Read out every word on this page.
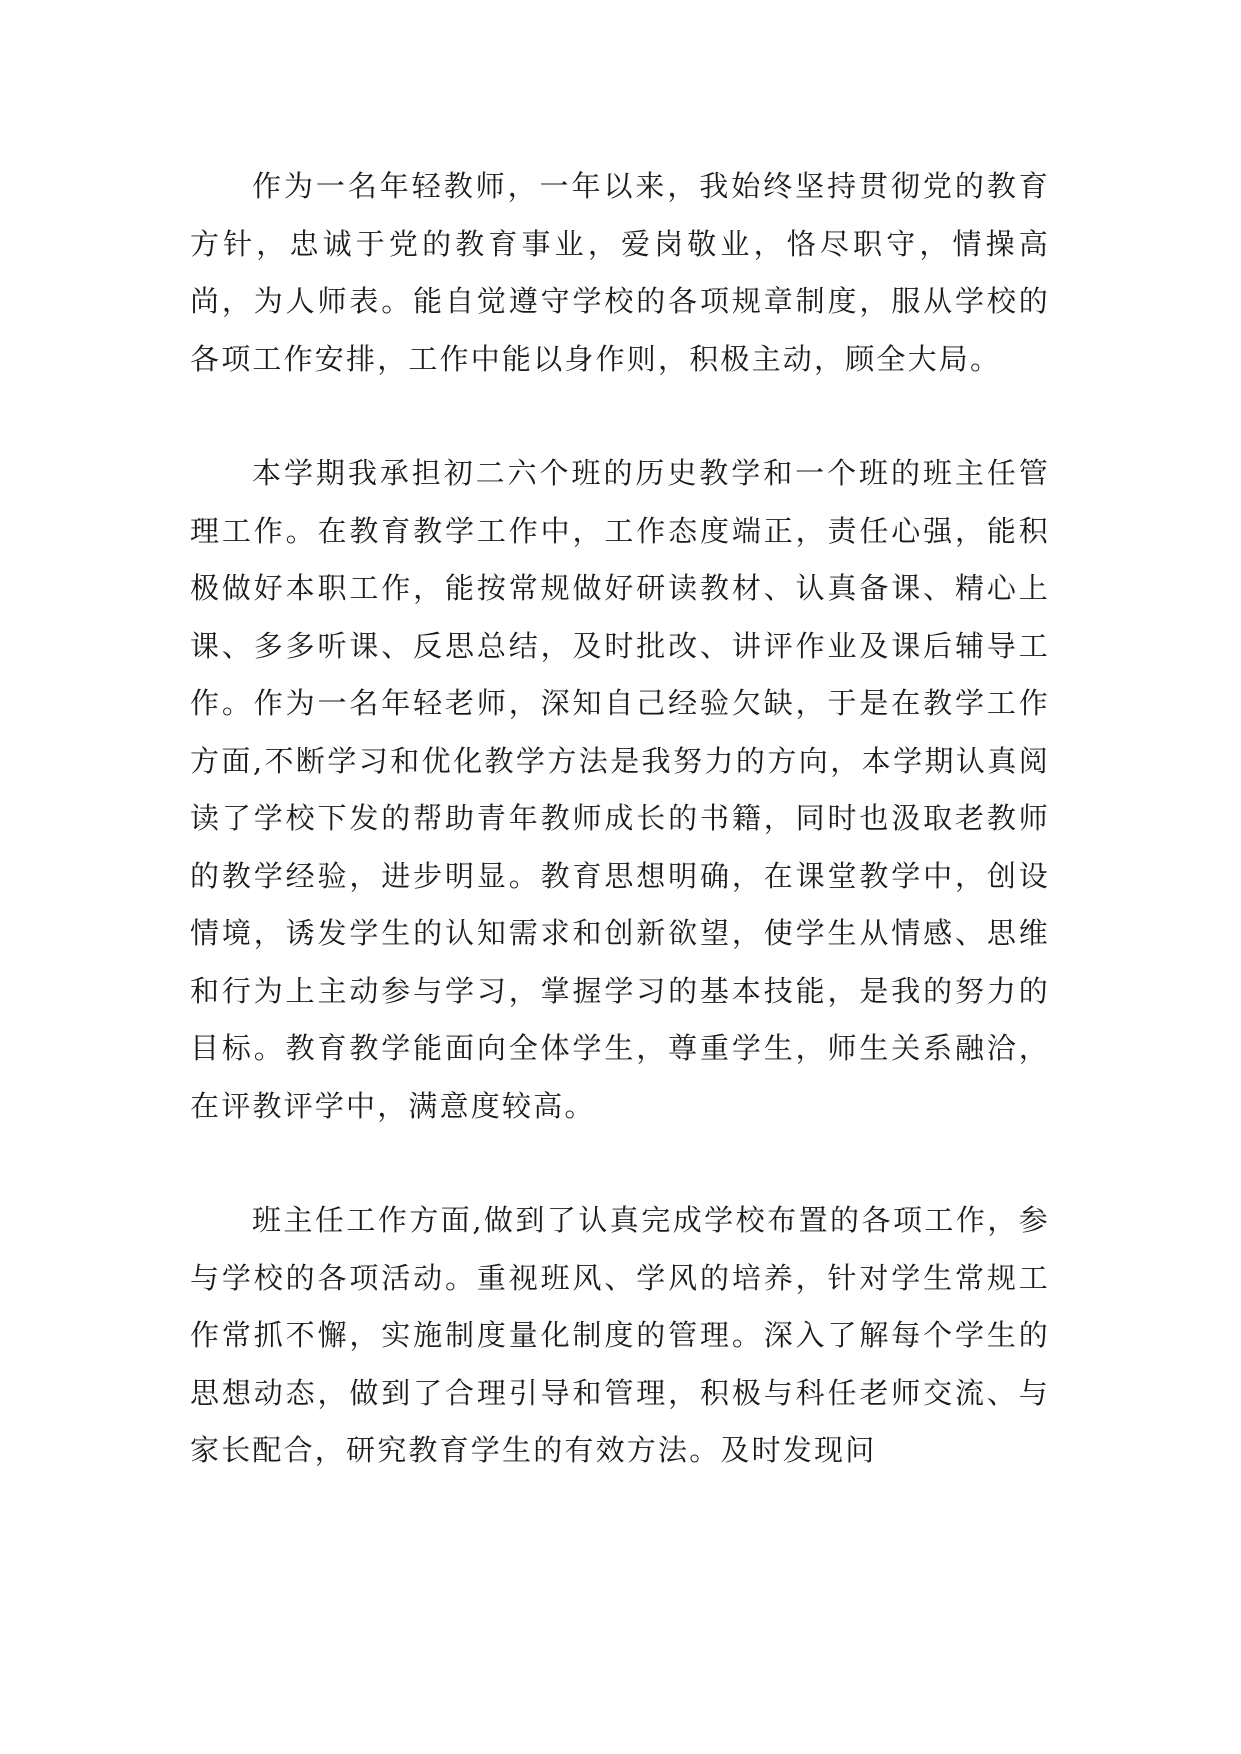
作为一名年轻教师，一年以来，我始终坚持贯彻党的教育方针，忠诚于党的教育事业，爱岗敬业，恪尽职守，情操高尚，为人师表。能自觉遵守学校的各项规章制度，服从学校的各项工作安排，工作中能以身作则，积极主动，顾全大局。

本学期我承担初二六个班的历史教学和一个班的班主任管理工作。在教育教学工作中，工作态度端正，责任心强，能积极做好本职工作，能按常规做好研读教材、认真备课、精心上课、多多听课、反思总结，及时批改、讲评作业及课后辅导工作。作为一名年轻老师，深知自己经验欠缺，于是在教学工作方面,不断学习和优化教学方法是我努力的方向，本学期认真阅读了学校下发的帮助青年教师成长的书籍，同时也汲取老教师的教学经验，进步明显。教育思想明确，在课堂教学中，创设情境，诱发学生的认知需求和创新欲望，使学生从情感、思维和行为上主动参与学习，掌握学习的基本技能，是我的努力的目标。教育教学能面向全体学生，尊重学生，师生关系融洽，在评教评学中，满意度较高。

班主任工作方面,做到了认真完成学校布置的各项工作，参与学校的各项活动。重视班风、学风的培养，针对学生常规工作常抓不懈，实施制度量化制度的管理。深入了解每个学生的思想动态，做到了合理引导和管理，积极与科任老师交流、与家长配合，研究教育学生的有效方法。及时发现问
